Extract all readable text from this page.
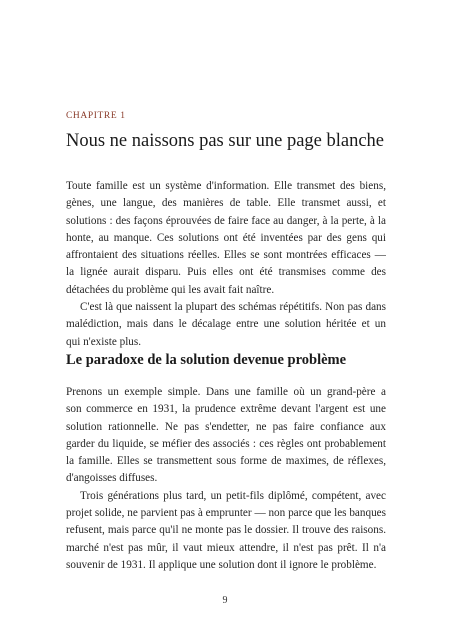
CHAPITRE 1
Nous ne naissons pas sur une page blanche
Toute famille est un système d'information. Elle transmet des biens,
gènes, une langue, des manières de table. Elle transmet aussi, et
solutions : des façons éprouvées de faire face au danger, à la perte, à la
honte, au manque. Ces solutions ont été inventées par des gens qui
affrontaient des situations réelles. Elles se sont montrées efficaces —
la lignée aurait disparu. Puis elles ont été transmises comme des
détachées du problème qui les avait fait naître.
C'est là que naissent la plupart des schémas répétitifs. Non pas dans
malédiction, mais dans le décalage entre une solution héritée et un
qui n'existe plus.
Le paradoxe de la solution devenue problème
Prenons un exemple simple. Dans une famille où un grand-père a
son commerce en 1931, la prudence extrême devant l'argent est une
solution rationnelle. Ne pas s'endetter, ne pas faire confiance aux
garder du liquide, se méfier des associés : ces règles ont probablement
la famille. Elles se transmettent sous forme de maximes, de réflexes,
d'angoisses diffuses.
Trois générations plus tard, un petit-fils diplômé, compétent, avec
projet solide, ne parvient pas à emprunter — non parce que les banques
refusent, mais parce qu'il ne monte pas le dossier. Il trouve des raisons.
marché n'est pas mûr, il vaut mieux attendre, il n'est pas prêt. Il n'a
souvenir de 1931. Il applique une solution dont il ignore le problème.
9
